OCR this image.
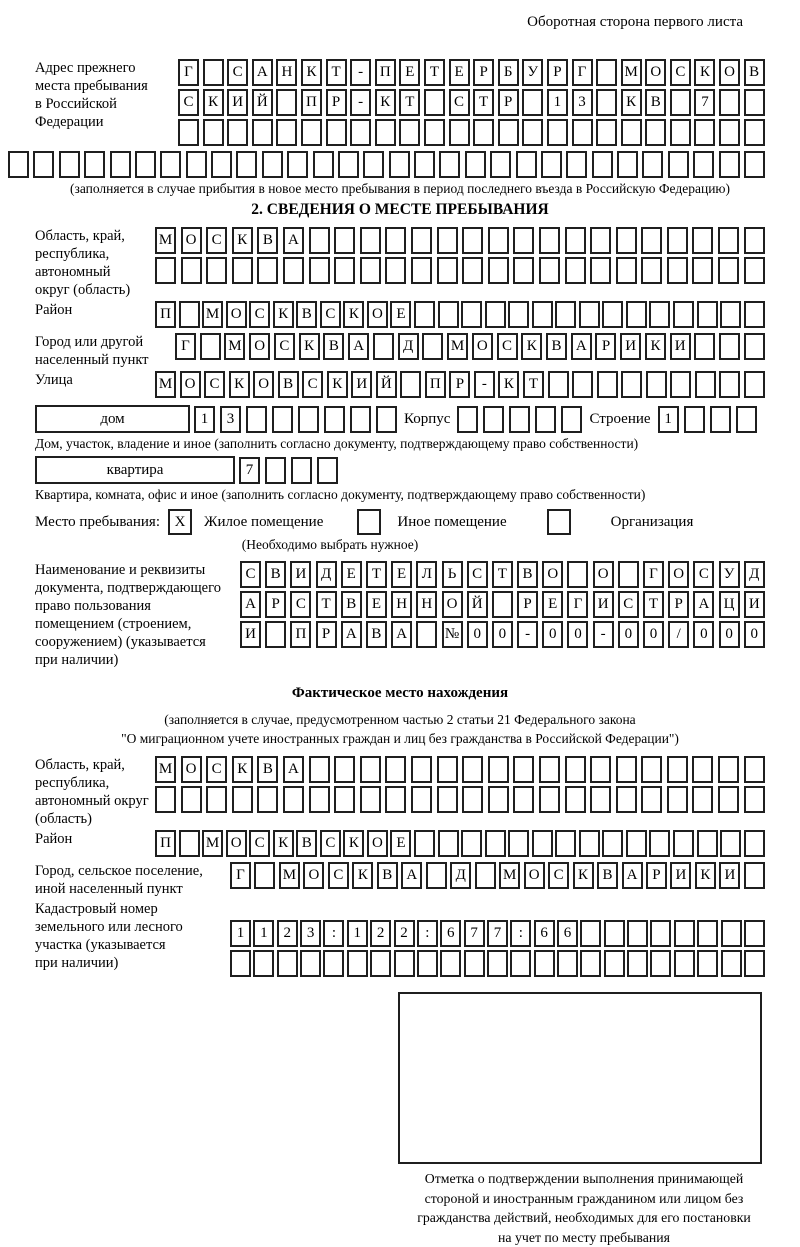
Оборотная сторона первого листа
Адрес прежнего
места пребывания
в Российской
Федерации
Г	С А Н К	Т	-	П Е	Т	Е	Р	Б У	Р	Г	М О С К О В
С К И Й	П	Р	-	К	Т	С	Т	Р	1	3	К В	7
(заполняется в случае прибытия в новое место пребывания в период последнего въезда в Российскую Федерацию)
2. СВЕДЕНИЯ О МЕСТЕ ПРЕБЫВАНИЯ
Область, край,
республика,
автономный
округ (область)
М О	С	К	В	А
Район	П	М О С К В С К О Е
Город или другой
населенный пункт
Г	М О С К В А	Д	М О С К В А	Р	И К И
Улица	М О С К О В С К И Й	П Р	-	К Т
дом	1	3	Корпус	Строение 1
Дом, участок, владение и иное (заполнить согласно документу, подтверждающему право собственности)
квартира	7
Квартира, комната, офис и иное (заполнить согласно документу, подтверждающему право собственности)
Место пребывания: X	Жилое помещение	Иное помещение	Организация
(Необходимо выбрать нужное)
Наименование и реквизиты
документа, подтверждающего
право пользования
помещением (строением,
сооружением) (указывается
при наличии)
С	В И Д	Е	Т	Е	Л	Ь	С	Т	В О	О	Г	О С У Д
А	Р	С	Т	В	Е	Н Н О Й	Р	Е	Г	И С	Т	Р	А Ц И
И	П	Р	А В А	№ 0	0	-	0	0	-	0	0	/	0	0	0
Фактическое место нахождения
(заполняется в случае, предусмотренном частью 2 статьи 21 Федерального закона
"О миграционном учете иностранных граждан и лиц без гражданства в Российской Федерации")
Область, край,
республика,
автономный округ
(область)
М О	С	К	В	А
Район	П	М О С К В С К О Е
Город, сельское поселение,
иной населенный пункт
Г	М О С К В А	Д	М О С К В А Р И К И
Кадастровый номер
земельного или лесного
участка (указывается
при наличии)
1	1	2	3	:	1	2	2	:	6	7	7	:	6	6
Отметка о подтверждении выполнения принимающей
стороной и иностранным гражданином или лицом без
гражданства действий, необходимых для его постановки
на учет по месту пребывания
